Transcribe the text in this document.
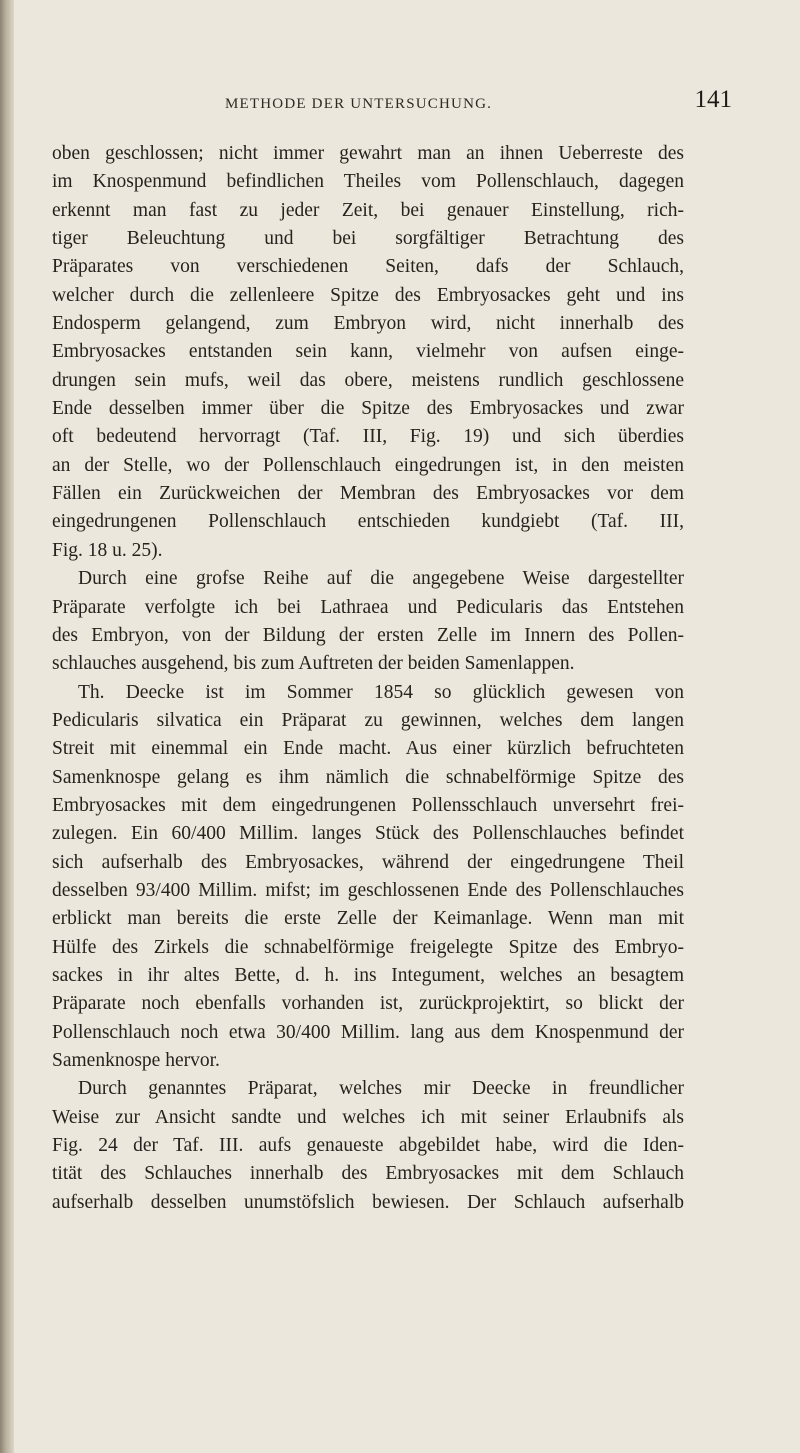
METHODE DER UNTERSUCHUNG.	141
oben geschlossen; nicht immer gewahrt man an ihnen Ueberreste des
im Knospenmund befindlichen Theiles vom Pollenschlauch, dagegen
erkennt man fast zu jeder Zeit, bei genauer Einstellung, rich-
tiger Beleuchtung und bei sorgfältiger Betrachtung des
Präparates von verschiedenen Seiten, dafs der Schlauch,
welcher durch die zellenleere Spitze des Embryosackes geht und ins
Endosperm gelangend, zum Embryon wird, nicht innerhalb des
Embryosackes entstanden sein kann, vielmehr von aufsen einge-
drungen sein mufs, weil das obere, meistens rundlich geschlossene
Ende desselben immer über die Spitze des Embryosackes und zwar
oft bedeutend hervorragt (Taf. III, Fig. 19) und sich überdies
an der Stelle, wo der Pollenschlauch eingedrungen ist, in den meisten
Fällen ein Zurückweichen der Membran des Embryosackes vor dem
eingedrungenen Pollenschlauch entschieden kundgiebt (Taf. III,
Fig. 18 u. 25).
Durch eine grofse Reihe auf die angegebene Weise dargestellter
Präparate verfolgte ich bei Lathraea und Pedicularis das Entstehen
des Embryon, von der Bildung der ersten Zelle im Innern des Pollen-
schlauches ausgehend, bis zum Auftreten der beiden Samenlappen.
Th. Deecke ist im Sommer 1854 so glücklich gewesen von
Pedicularis silvatica ein Präparat zu gewinnen, welches dem langen
Streit mit einemmal ein Ende macht. Aus einer kürzlich befruchteten
Samenknospe gelang es ihm nämlich die schnabelförmige Spitze des
Embryosackes mit dem eingedrungenen Pollensschlauch unversehrt frei-
zulegen. Ein 60/400 Millim. langes Stück des Pollenschlauches befindet
sich aufserhalb des Embryosackes, während der eingedrungene Theil
desselben 93/400 Millim. mifst; im geschlossenen Ende des Pollenschlauches
erblickt man bereits die erste Zelle der Keimanlage. Wenn man mit
Hülfe des Zirkels die schnabelförmige freigelegte Spitze des Embryo-
sackes in ihr altes Bette, d. h. ins Integument, welches an besagtem
Präparate noch ebenfalls vorhanden ist, zurückprojektirt, so blickt der
Pollenschlauch noch etwa 30/400 Millim. lang aus dem Knospenmund der
Samenknospe hervor.
Durch genanntes Präparat, welches mir Deecke in freundlicher
Weise zur Ansicht sandte und welches ich mit seiner Erlaubnifs als
Fig. 24 der Taf. III. aufs genaueste abgebildet habe, wird die Iden-
tität des Schlauches innerhalb des Embryosackes mit dem Schlauch
aufserhalb desselben unumstöfslich bewiesen. Der Schlauch aufserhalb
